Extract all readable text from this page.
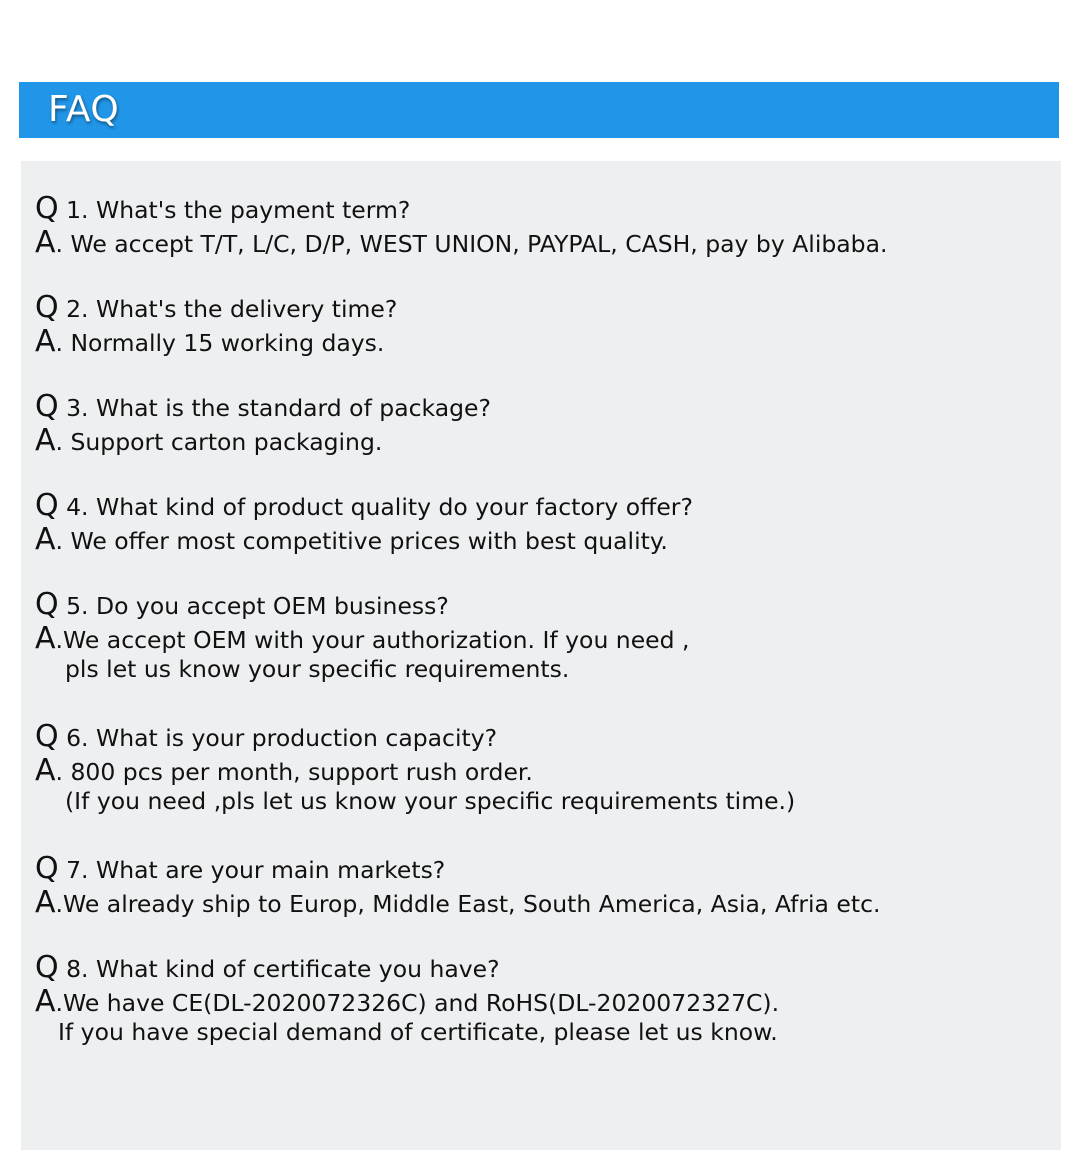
FAQ
Q 1. What's the payment term?
A. We accept T/T, L/C, D/P, WEST UNION, PAYPAL, CASH, pay by Alibaba.
Q 2. What's the delivery time?
A. Normally 15 working days.
Q 3. What is the standard of package?
A. Support carton packaging.
Q 4. What kind of product quality do your factory offer?
A. We offer most competitive prices with best quality.
Q 5. Do you accept OEM business?
A.We accept OEM with your authorization. If you need ,
pls let us know your specific requirements.
Q 6. What is your production capacity?
A. 800 pcs per month, support rush order.
(If you need ,pls let us know your specific requirements time.)
Q 7. What are your main markets?
A.We already ship to Europ, Middle East, South America, Asia, Afria etc.
Q 8. What kind of certificate you have?
A.We have CE(DL-2020072326C) and RoHS(DL-2020072327C).
If you have special demand of certificate, please let us know.
